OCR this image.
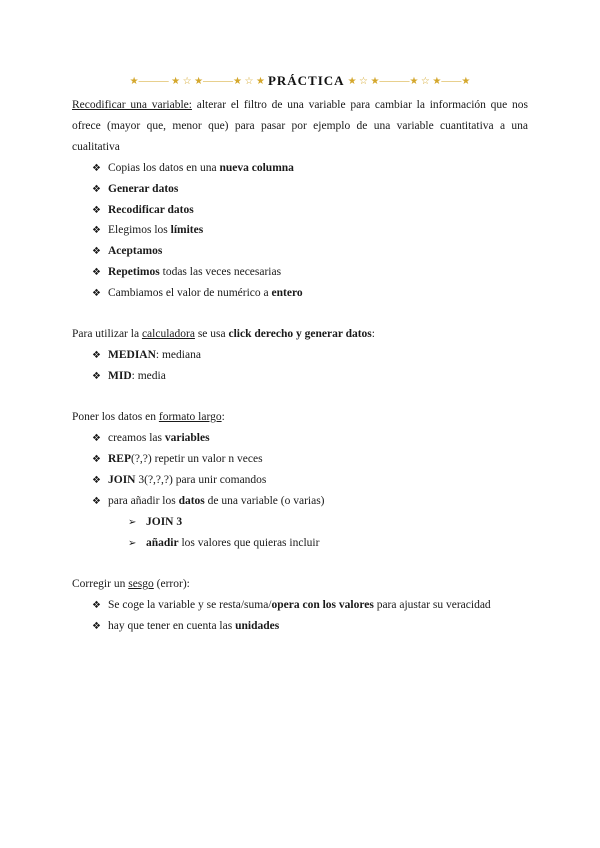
★——— ★ ☆ ★———★ ☆ ★ PRÁCTICA ★ ☆ ★———★ ☆ ★——★
Recodificar una variable: alterar el filtro de una variable para cambiar la información que nos
ofrece (mayor que, menor que) para pasar por ejemplo de una variable cuantitativa a una
cualitativa
❖ Copias los datos en una nueva columna
❖ Generar datos
❖ Recodificar datos
❖ Elegimos los límites
❖ Aceptamos
❖ Repetimos todas las veces necesarias
❖ Cambiamos el valor de numérico a entero
Para utilizar la calculadora se usa click derecho y generar datos:
❖ MEDIAN: mediana
❖ MID: media
Poner los datos en formato largo:
❖ creamos las variables
❖ REP(?,?) repetir un valor n veces
❖ JOIN 3(?,?,?) para unir comandos
❖ para añadir los datos de una variable (o varias)
➢ JOIN 3
➢ añadir los valores que quieras incluir
Corregir un sesgo (error):
❖ Se coge la variable y se resta/suma/opera con los valores para ajustar su veracidad
❖ hay que tener en cuenta las unidades
